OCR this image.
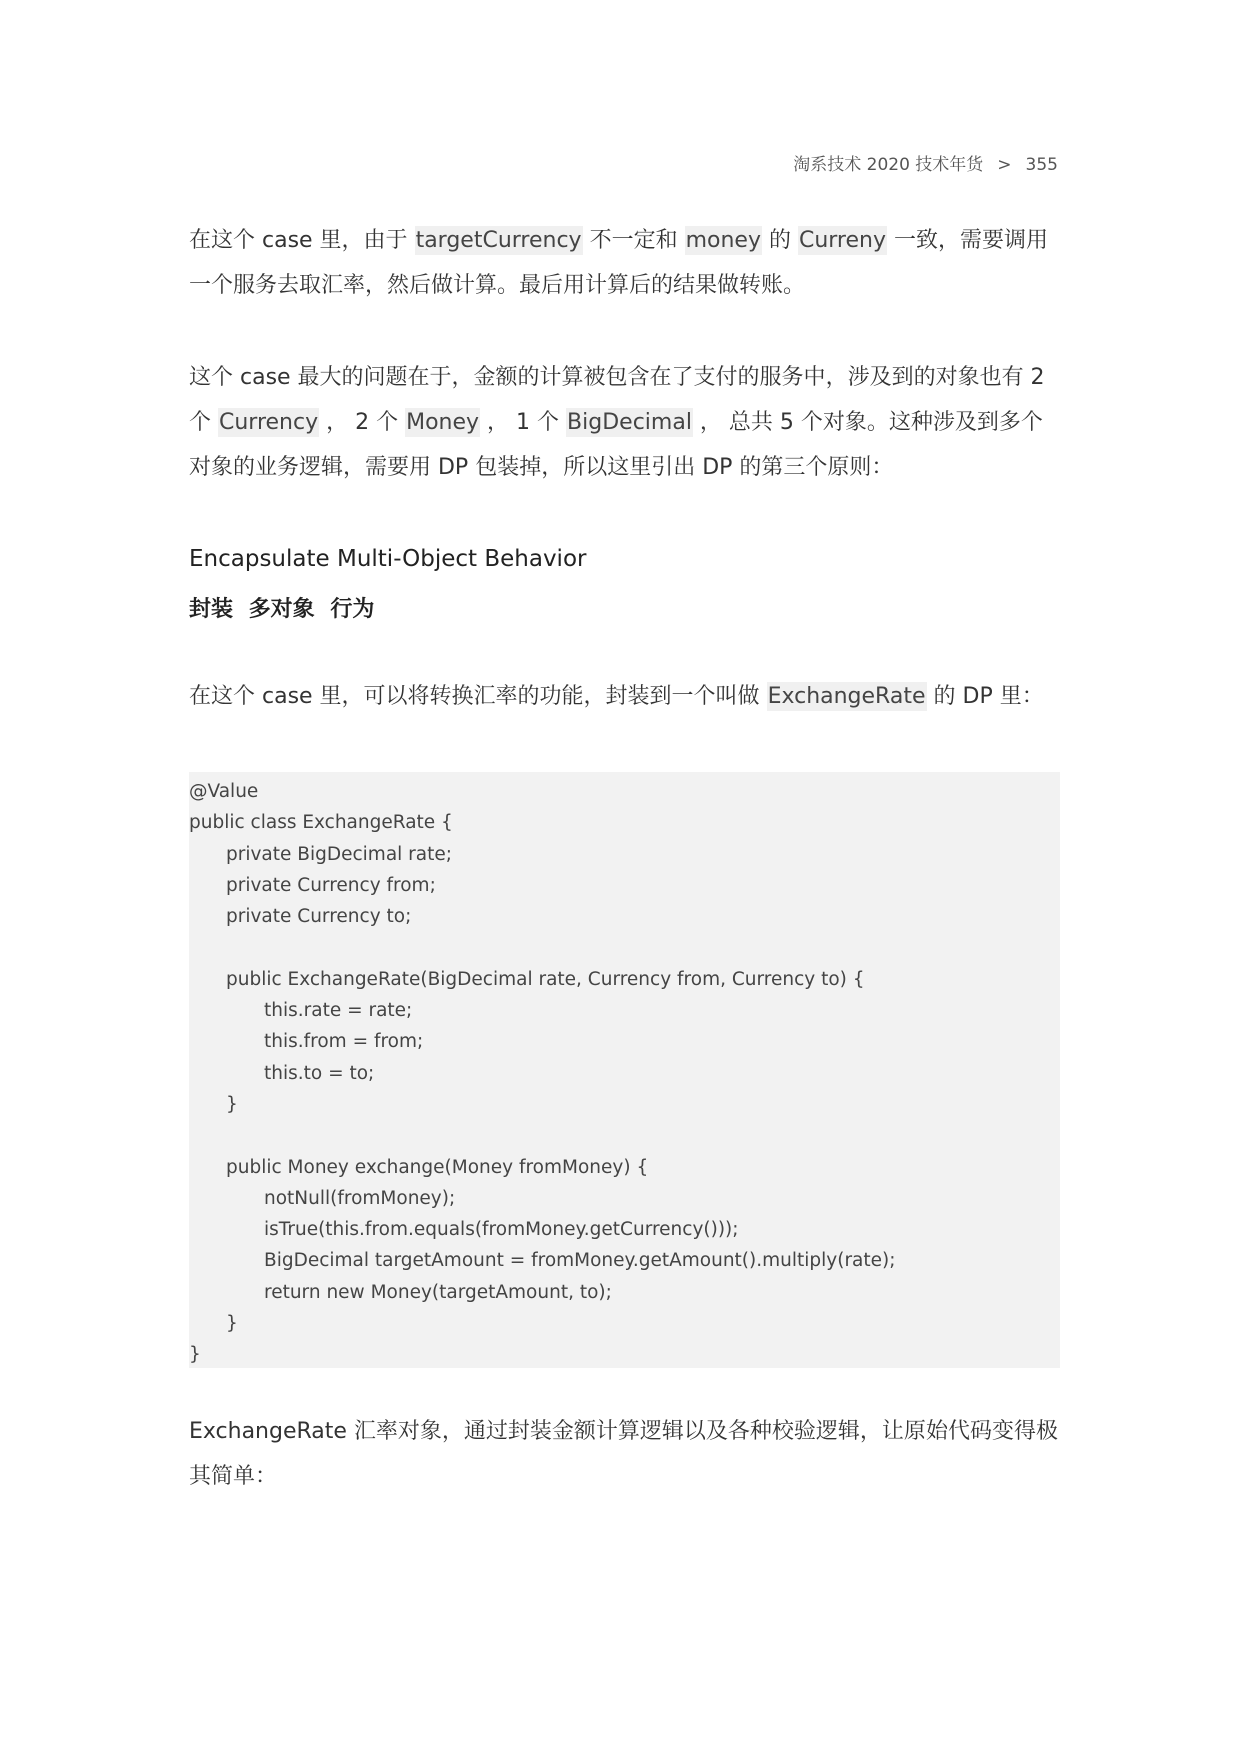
淘系技术 2020 技术年货 > 355

在这个 case 里，由于 targetCurrency 不一定和 money 的 Curreny 一致，需要调用一个服务去取汇率，然后做计算。最后用计算后的结果做转账。

这个 case 最大的问题在于，金额的计算被包含在了支付的服务中，涉及到的对象也有 2 个 Currency ， 2 个 Money ， 1 个 BigDecimal ， 总共 5 个对象。这种涉及到多个对象的业务逻辑，需要用 DP 包装掉，所以这里引出 DP 的第三个原则：

Encapsulate Multi-Object Behavior
封装 多对象 行为

在这个 case 里，可以将转换汇率的功能，封装到一个叫做 ExchangeRate 的 DP 里：

@Value
public class ExchangeRate {
private BigDecimal rate;
private Currency from;
private Currency to;
public ExchangeRate(BigDecimal rate, Currency from, Currency to) {
this.rate = rate;
this.from = from;
this.to = to;
}
public Money exchange(Money fromMoney) {
notNull(fromMoney);
isTrue(this.from.equals(fromMoney.getCurrency()));
BigDecimal targetAmount = fromMoney.getAmount().multiply(rate);
return new Money(targetAmount, to);
}
}

ExchangeRate 汇率对象，通过封装金额计算逻辑以及各种校验逻辑，让原始代码变得极其简单：
